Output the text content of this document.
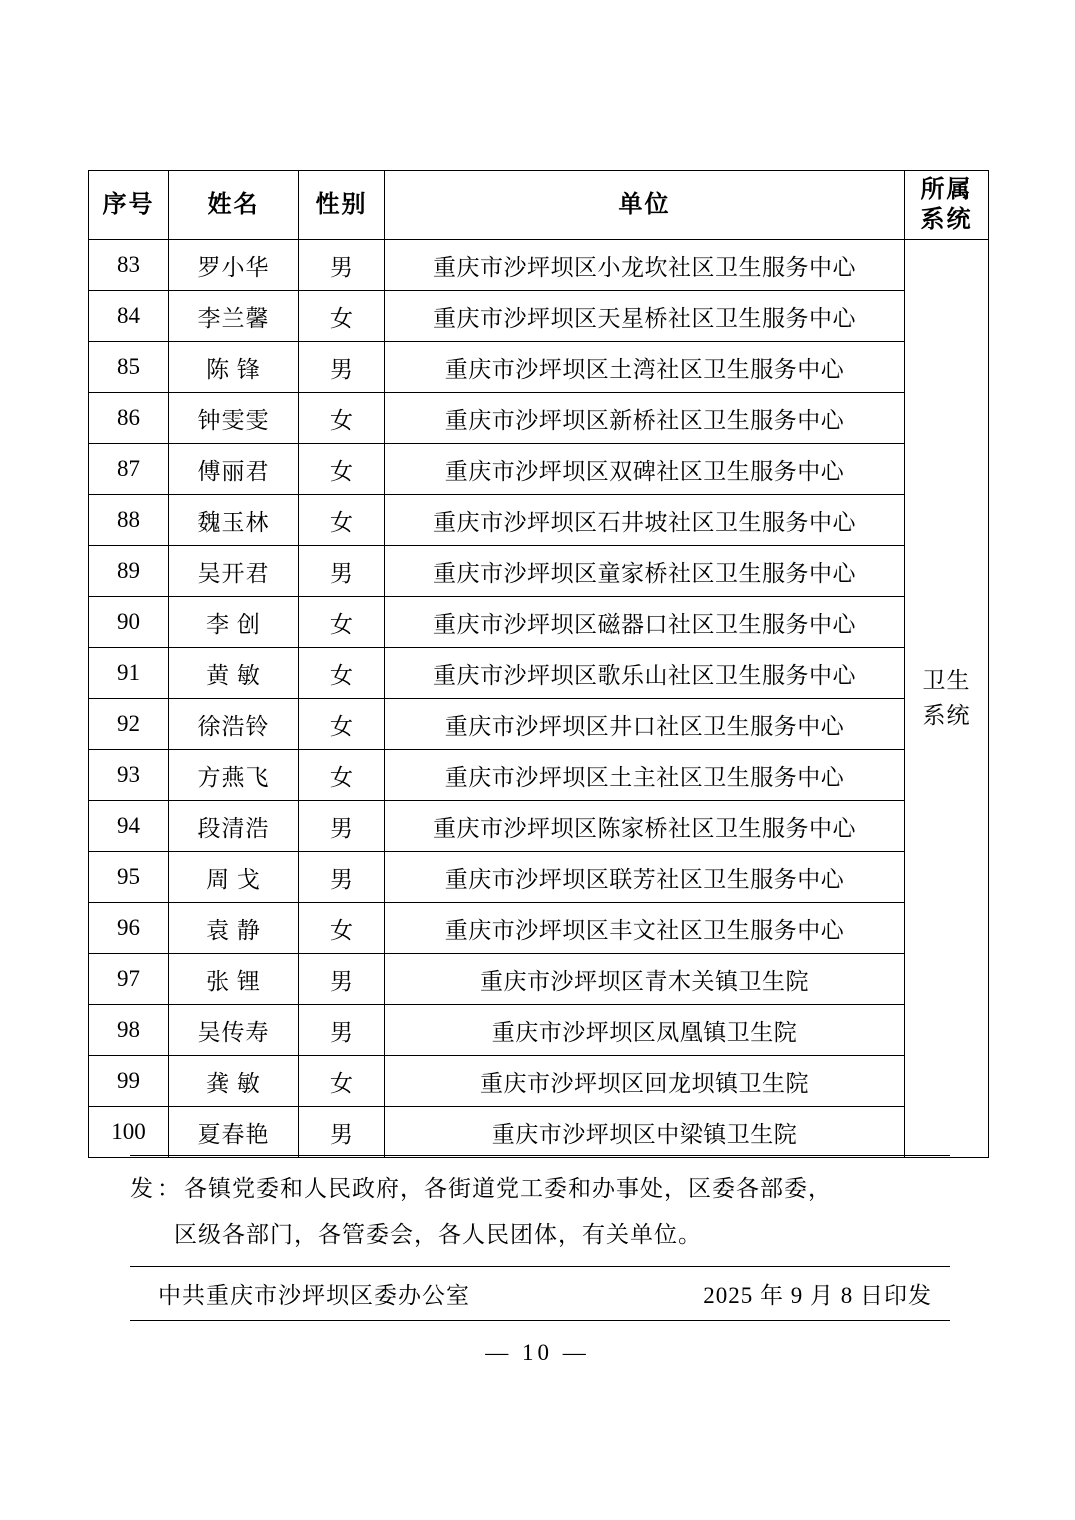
序号	姓名	性别	单位	所属
系统

83	罗小华	男	重庆市沙坪坝区小龙坎社区卫生服务中心	卫生
系统

84	李兰馨	女	重庆市沙坪坝区天星桥社区卫生服务中心	
85	陈 锋	男	重庆市沙坪坝区土湾社区卫生服务中心	
86	钟雯雯	女	重庆市沙坪坝区新桥社区卫生服务中心	
87	傅丽君	女	重庆市沙坪坝区双碑社区卫生服务中心	
88	魏玉林	女	重庆市沙坪坝区石井坡社区卫生服务中心	
89	吴开君	男	重庆市沙坪坝区童家桥社区卫生服务中心	
90	李 创	女	重庆市沙坪坝区磁器口社区卫生服务中心	
91	黄 敏	女	重庆市沙坪坝区歌乐山社区卫生服务中心	
92	徐浩铃	女	重庆市沙坪坝区井口社区卫生服务中心	
93	方燕飞	女	重庆市沙坪坝区土主社区卫生服务中心	
94	段清浩	男	重庆市沙坪坝区陈家桥社区卫生服务中心	
95	周 戈	男	重庆市沙坪坝区联芳社区卫生服务中心	
96	袁 静	女	重庆市沙坪坝区丰文社区卫生服务中心	
97	张 锂	男	重庆市沙坪坝区青木关镇卫生院	
98	吴传寿	男	重庆市沙坪坝区凤凰镇卫生院	
99	龚 敏	女	重庆市沙坪坝区回龙坝镇卫生院	
100	夏春艳	男	重庆市沙坪坝区中梁镇卫生院	
发：各镇党委和人民政府，各街道党工委和办事处，区委各部委，
区级各部门，各管委会，各人民团体，有关单位。
中共重庆市沙坪坝区委办公室	2025 年 9 月 8 日印发
— 10 —
